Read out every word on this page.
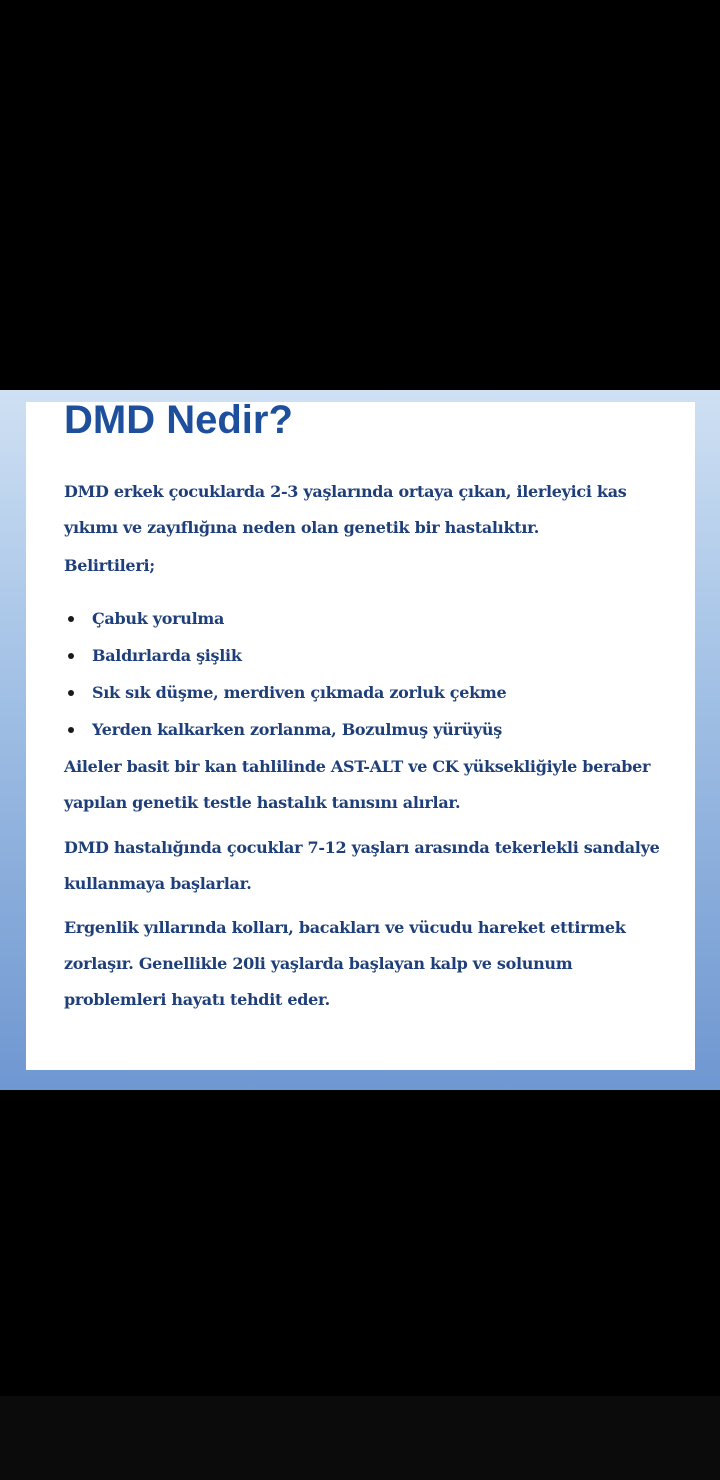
DMD Nedir?

DMD erkek çocuklarda 2-3 yaşlarında ortaya çıkan, ilerleyici kas
yıkımı ve zayıflığına neden olan genetik bir hastalıktır.

Belirtileri;

Çabuk yorulma
Baldırlarda şişlik
Sık sık düşme, merdiven çıkmada zorluk çekme
Yerden kalkarken zorlanma, Bozulmuş yürüyüş

Aileler basit bir kan tahlilinde AST-ALT ve CK yüksekliğiyle beraber
yapılan genetik testle hastalık tanısını alırlar.

DMD hastalığında çocuklar 7-12 yaşları arasında tekerlekli sandalye
kullanmaya başlarlar.

Ergenlik yıllarında kolları, bacakları ve vücudu hareket ettirmek
zorlaşır. Genellikle 20li yaşlarda başlayan kalp ve solunum
problemleri hayatı tehdit eder.
